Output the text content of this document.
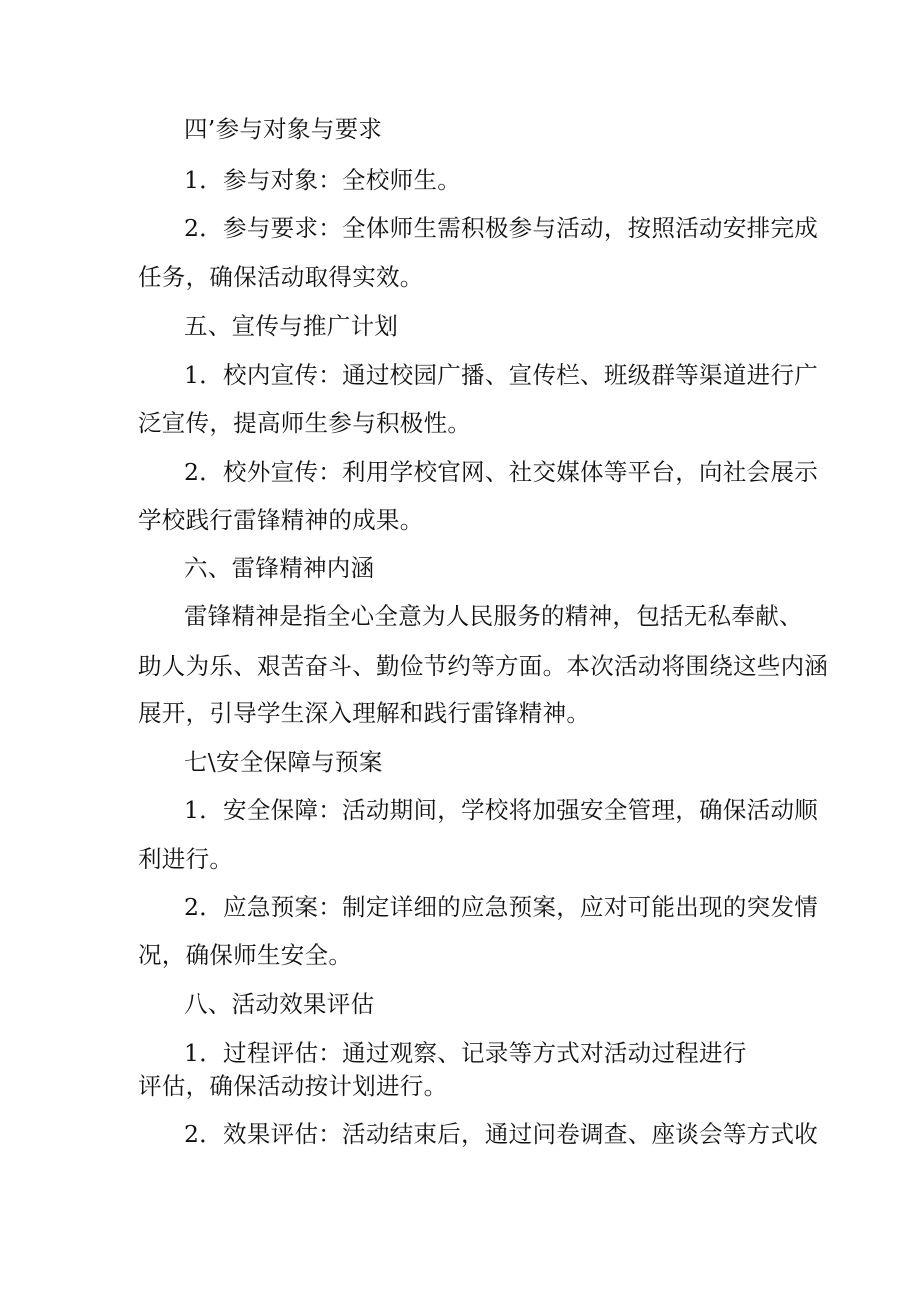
四’参与对象与要求
1．参与对象：全校师生。
2．参与要求：全体师生需积极参与活动，按照活动安排完成
任务，确保活动取得实效。
五、宣传与推广计划
1．校内宣传：通过校园广播、宣传栏、班级群等渠道进行广
泛宣传，提高师生参与积极性。
2．校外宣传：利用学校官网、社交媒体等平台，向社会展示
学校践行雷锋精神的成果。
六、雷锋精神内涵
雷锋精神是指全心全意为人民服务的精神，包括无私奉献、
助人为乐、艰苦奋斗、勤俭节约等方面。本次活动将围绕这些内涵
展开，引导学生深入理解和践行雷锋精神。
七\安全保障与预案
1．安全保障：活动期间，学校将加强安全管理，确保活动顺
利进行。
2．应急预案：制定详细的应急预案，应对可能出现的突发情
况，确保师生安全。
八、活动效果评估
1．过程评估：通过观察、记录等方式对活动过程进行
评估，确保活动按计划进行。
2．效果评估：活动结束后，通过问卷调查、座谈会等方式收
